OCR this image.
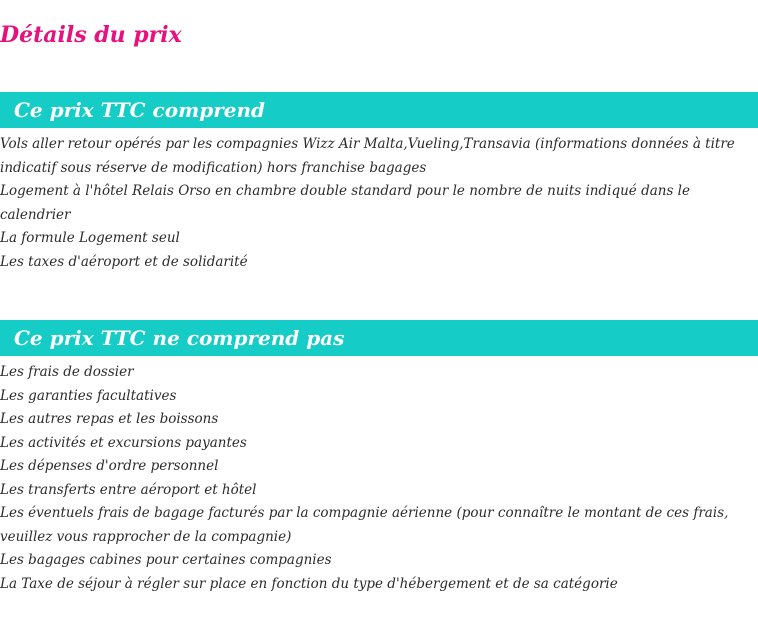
Détails du prix
Ce prix TTC comprend
Vols aller retour opérés par les compagnies Wizz Air Malta,Vueling,Transavia (informations données à titre indicatif sous réserve de modification) hors franchise bagages
Logement à l'hôtel Relais Orso en chambre double standard pour le nombre de nuits indiqué dans le calendrier
La formule Logement seul
Les taxes d'aéroport et de solidarité
Ce prix TTC ne comprend pas
Les frais de dossier
Les garanties facultatives
Les autres repas et les boissons
Les activités et excursions payantes
Les dépenses d'ordre personnel
Les transferts entre aéroport et hôtel
Les éventuels frais de bagage facturés par la compagnie aérienne (pour connaître le montant de ces frais, veuillez vous rapprocher de la compagnie)
Les bagages cabines pour certaines compagnies
La Taxe de séjour à régler sur place en fonction du type d'hébergement et de sa catégorie
